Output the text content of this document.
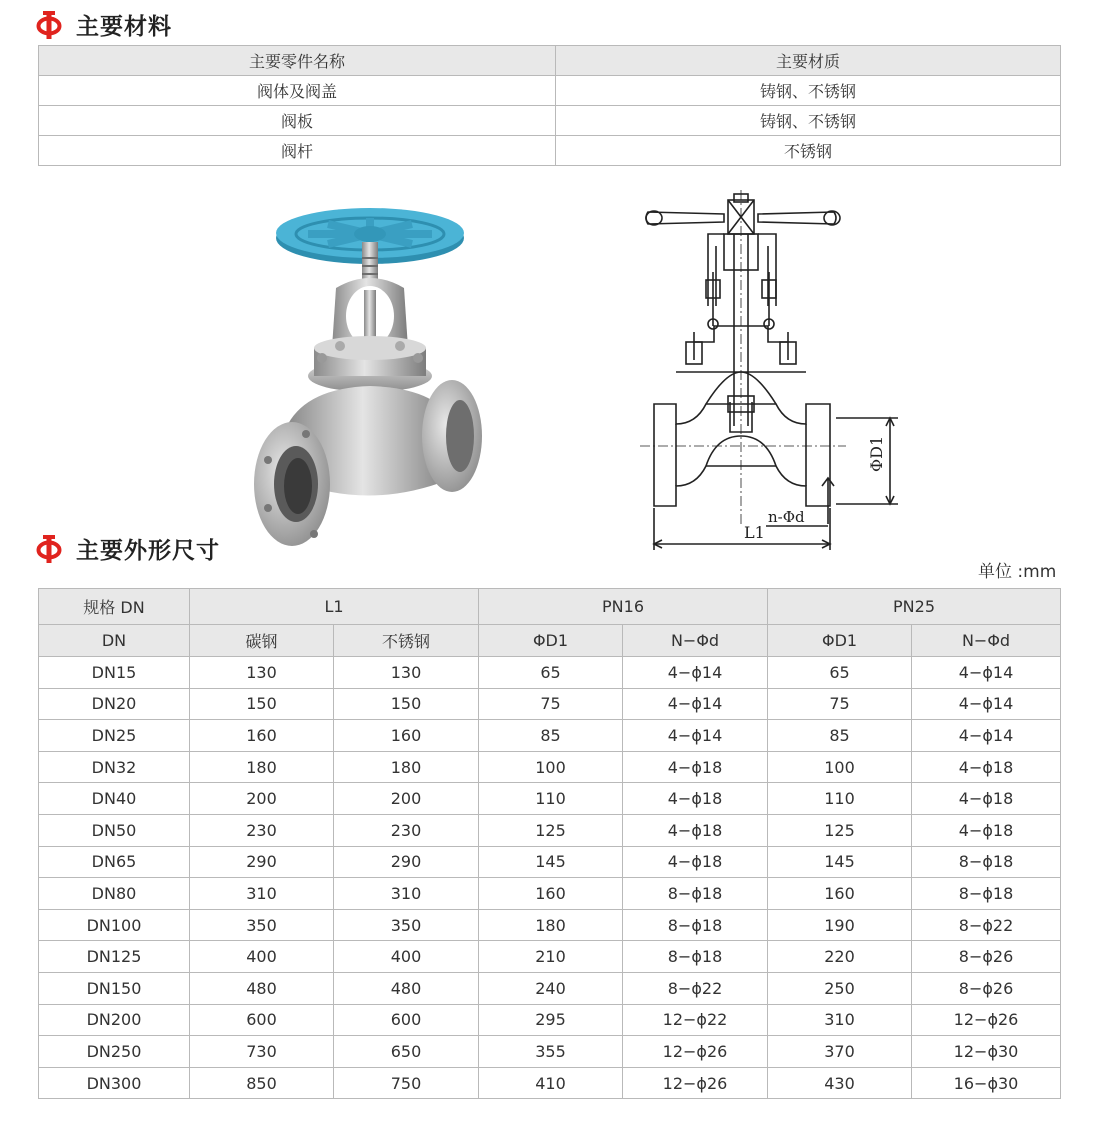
主要材料
主要零件名称	主要材质
阀体及阀盖	铸钢、不锈钢
阀板	铸钢、不锈钢
阀杆	不锈钢
ΦD1
n-Φd
L1
主要外形尺寸
单位 :mm
规格 DN	L1		PN16		PN25	
DN	碳钢	不锈钢	ΦD1	N−Φd	ΦD1	N−Φd
DN15	130	130	65	4−ϕ14	65	4−ϕ14
DN20	150	150	75	4−ϕ14	75	4−ϕ14
DN25	160	160	85	4−ϕ14	85	4−ϕ14
DN32	180	180	100	4−ϕ18	100	4−ϕ18
DN40	200	200	110	4−ϕ18	110	4−ϕ18
DN50	230	230	125	4−ϕ18	125	4−ϕ18
DN65	290	290	145	4−ϕ18	145	8−ϕ18
DN80	310	310	160	8−ϕ18	160	8−ϕ18
DN100	350	350	180	8−ϕ18	190	8−ϕ22
DN125	400	400	210	8−ϕ18	220	8−ϕ26
DN150	480	480	240	8−ϕ22	250	8−ϕ26
DN200	600	600	295	12−ϕ22	310	12−ϕ26
DN250	730	650	355	12−ϕ26	370	12−ϕ30
DN300	850	750	410	12−ϕ26	430	16−ϕ30
